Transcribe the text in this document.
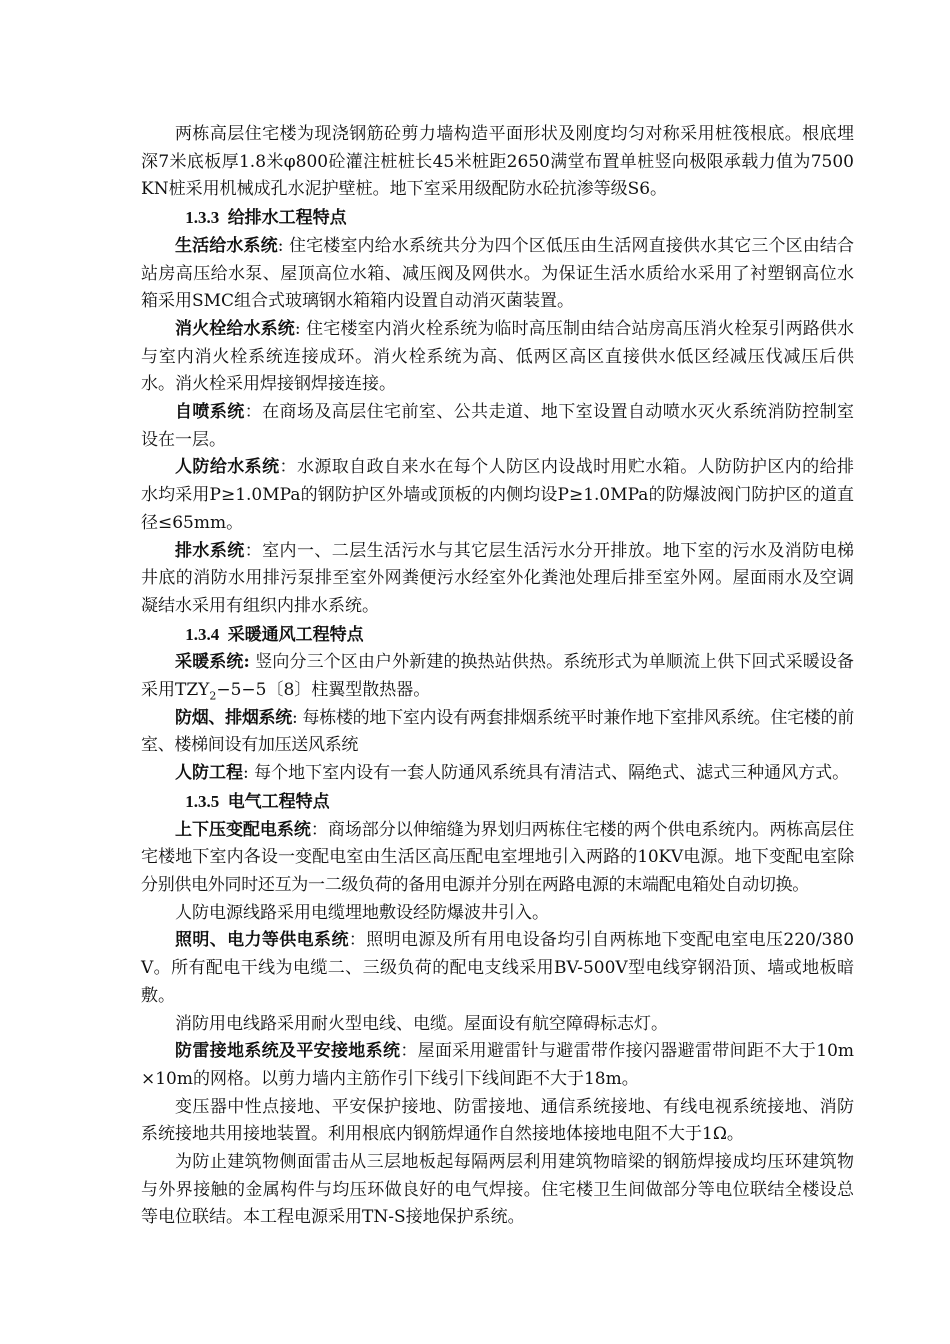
两栋高层住宅楼为现浇钢筋砼剪力墙构造平面形状及刚度均匀对称采用桩筏根底。根底埋深7米底板厚1.8米φ800砼灌注桩桩长45米桩距2650满堂布置单桩竖向极限承载力值为7500KN桩采用机械成孔水泥护壁桩。地下室采用级配防水砼抗渗等级S6。

1.3.3 给排水工程特点

生活给水系统: 住宅楼室内给水系统共分为四个区低压由生活网直接供水其它三个区由结合站房高压给水泵、屋顶高位水箱、减压阀及网供水。为保证生活水质给水采用了衬塑钢高位水箱采用SMC组合式玻璃钢水箱箱内设置自动消灭菌装置。

消火栓给水系统: 住宅楼室内消火栓系统为临时高压制由结合站房高压消火栓泵引两路供水与室内消火栓系统连接成环。消火栓系统为高、低两区高区直接供水低区经减压伐减压后供水。消火栓采用焊接钢焊接连接。

自喷系统：在商场及高层住宅前室、公共走道、地下室设置自动喷水灭火系统消防控制室设在一层。

人防给水系统：水源取自政自来水在每个人防区内设战时用贮水箱。人防防护区内的给排水均采用P≥1.0MPa的钢防护区外墙或顶板的内侧均设P≥1.0MPa的防爆波阀门防护区的道直径≤65mm。

排水系统：室内一、二层生活污水与其它层生活污水分开排放。地下室的污水及消防电梯井底的消防水用排污泵排至室外网粪便污水经室外化粪池处理后排至室外网。屋面雨水及空调凝结水采用有组织内排水系统。

1.3.4 采暖通风工程特点

采暖系统: 竖向分三个区由户外新建的换热站供热。系统形式为单顺流上供下回式采暖设备采用$TZY_2-5-5$〔8〕柱翼型散热器。

防烟、排烟系统: 每栋楼的地下室内设有两套排烟系统平时兼作地下室排风系统。住宅楼的前室、楼梯间设有加压送风系统

人防工程: 每个地下室内设有一套人防通风系统具有清洁式、隔绝式、滤式三种通风方式。

1.3.5 电气工程特点

上下压变配电系统：商场部分以伸缩缝为界划归两栋住宅楼的两个供电系统内。两栋高层住宅楼地下室内各设一变配电室由生活区高压配电室埋地引入两路的10KV电源。地下变配电室除分别供电外同时还互为一二级负荷的备用电源并分别在两路电源的末端配电箱处自动切换。

人防电源线路采用电缆埋地敷设经防爆波井引入。

照明、电力等供电系统：照明电源及所有用电设备均引自两栋地下变配电室电压220/380V。所有配电干线为电缆二、三级负荷的配电支线采用BV-500V型电线穿钢沿顶、墙或地板暗敷。

消防用电线路采用耐火型电线、电缆。屋面设有航空障碍标志灯。

防雷接地系统及平安接地系统：屋面采用避雷针与避雷带作接闪器避雷带间距不大于10m×10m的网格。以剪力墙内主筋作引下线引下线间距不大于18m。

变压器中性点接地、平安保护接地、防雷接地、通信系统接地、有线电视系统接地、消防系统接地共用接地装置。利用根底内钢筋焊通作自然接地体接地电阻不大于1Ω。

为防止建筑物侧面雷击从三层地板起每隔两层利用建筑物暗梁的钢筋焊接成均压环建筑物与外界接触的金属构件与均压环做良好的电气焊接。住宅楼卫生间做部分等电位联结全楼设总等电位联结。本工程电源采用TN-S接地保护系统。
